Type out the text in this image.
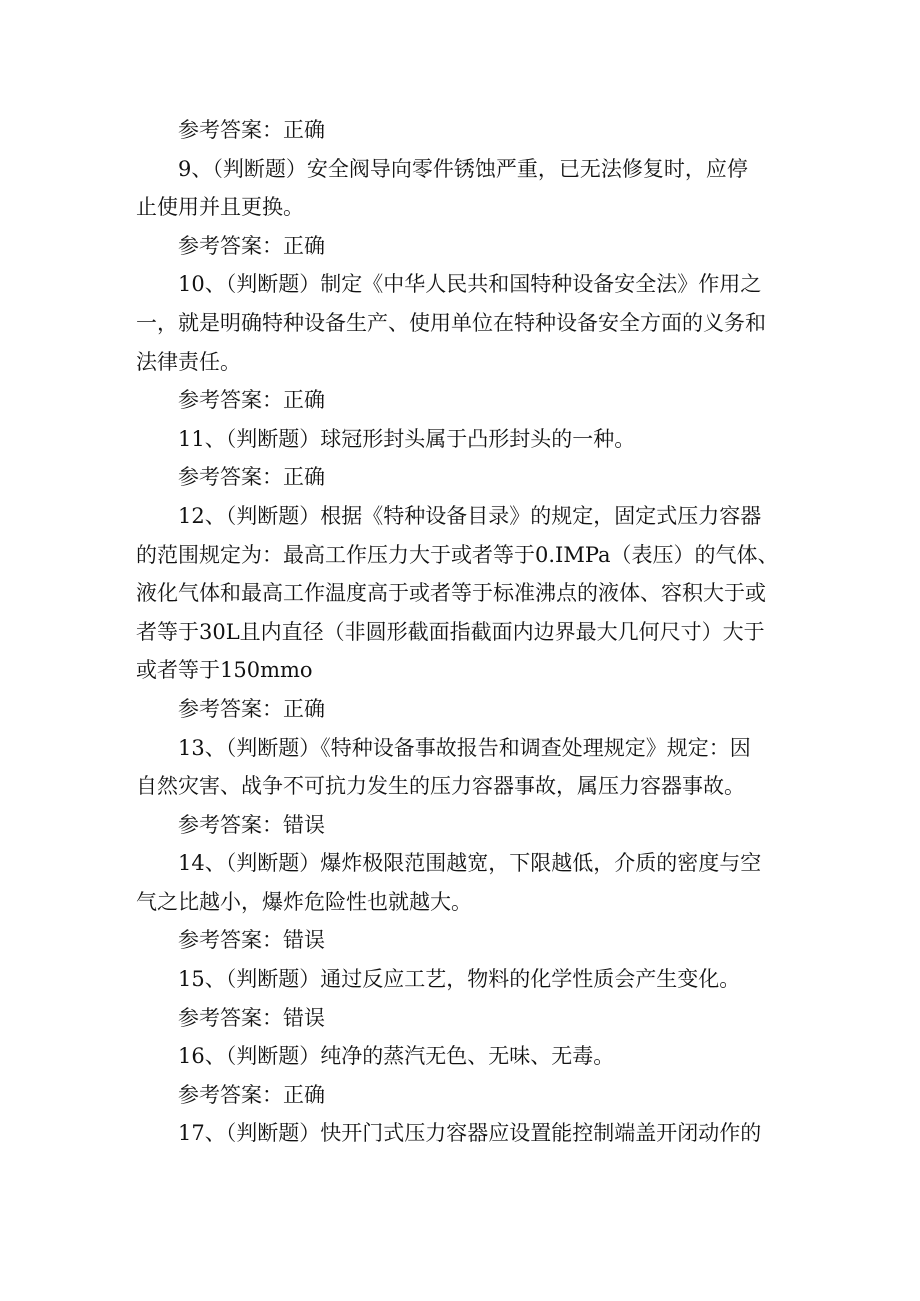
参考答案：正确
9、（判断题）安全阀导向零件锈蚀严重，已无法修复时，应停
止使用并且更换。
参考答案：正确
10、（判断题）制定《中华人民共和国特种设备安全法》作用之
一，就是明确特种设备生产、使用单位在特种设备安全方面的义务和
法律责任。
参考答案：正确
11、（判断题）球冠形封头属于凸形封头的一种。
参考答案：正确
12、（判断题）根据《特种设备目录》的规定，固定式压力容器
的范围规定为：最高工作压力大于或者等于0.IMPa（表压）的气体、
液化气体和最高工作温度高于或者等于标准沸点的液体、容积大于或
者等于30L且内直径（非圆形截面指截面内边界最大几何尺寸）大于
或者等于150mmo
参考答案：正确
13、（判断题）《特种设备事故报告和调查处理规定》规定：因
自然灾害、战争不可抗力发生的压力容器事故，属压力容器事故。
参考答案：错误
14、（判断题）爆炸极限范围越宽，下限越低，介质的密度与空
气之比越小，爆炸危险性也就越大。
参考答案：错误
15、（判断题）通过反应工艺，物料的化学性质会产生变化。
参考答案：错误
16、（判断题）纯净的蒸汽无色、无味、无毒。
参考答案：正确
17、（判断题）快开门式压力容器应设置能控制端盖开闭动作的
